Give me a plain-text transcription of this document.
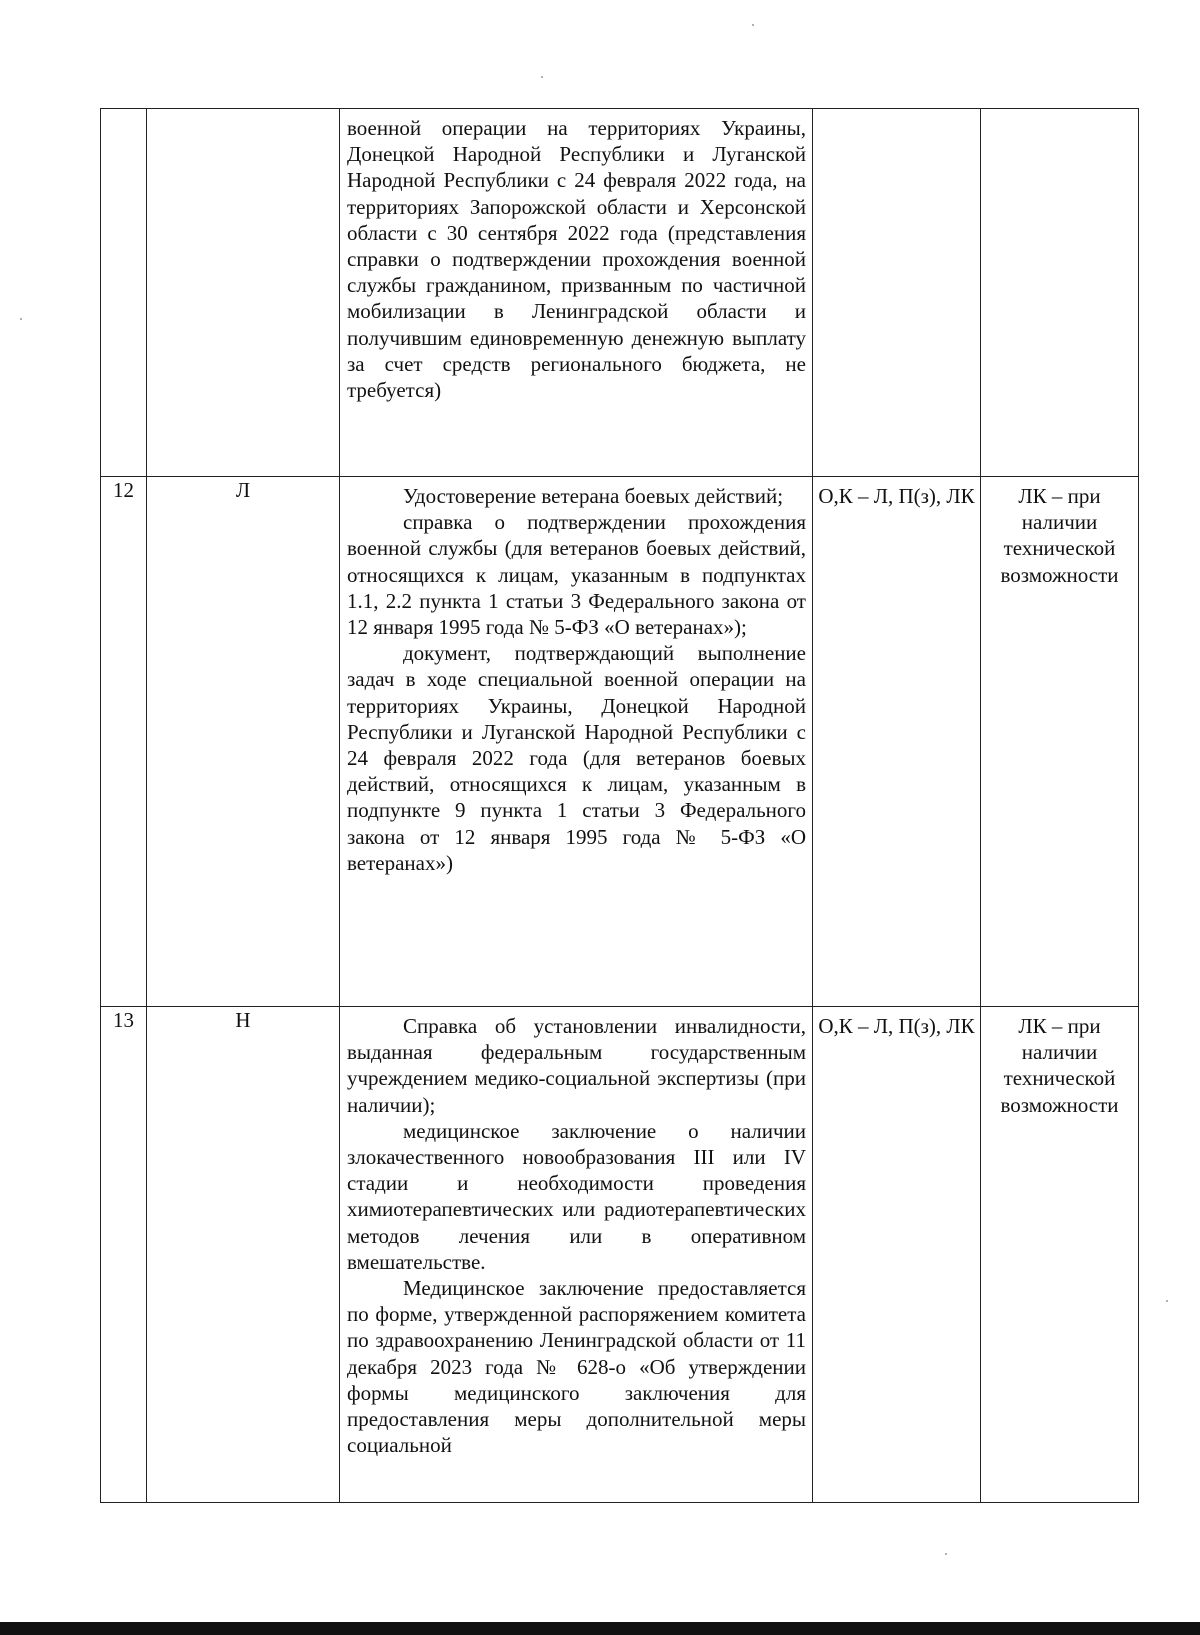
		военной операции на территориях Украины, Донецкой Народной Республики и Луганской Народной Республики с 24 февраля 2022 года, на территориях Запорожской области и Херсонской области с 30 сентября 2022 года (представления справки о подтверждении прохождения военной службы гражданином, призванным по частичной мобилизации в Ленинградской области и получившим единовременную денежную выплату за счет средств регионального бюджета, не требуется)		

12	Л	Удостоверение ветерана боевых действий;

справка о подтверждении прохождения военной службы (для ветеранов боевых действий, относящихся к лицам, указанным в подпунктах 1.1, 2.2 пункта 1 статьи 3 Федерального закона от 12 января 1995 года № 5-ФЗ «О ветеранах»);

документ, подтверждающий выполнение задач в ходе специальной военной операции на территориях Украины, Донецкой Народной Республики и Луганской Народной Республики с 24 февраля 2022 года (для ветеранов боевых действий, относящихся к лицам, указанным в подпункте 9 пункта 1 статьи 3 Федерального закона от 12 января 1995 года № 5-ФЗ «О ветеранах»)	О,К – Л, П(з), ЛК	ЛК – при наличии технической возможности

13	Н	Справка об установлении инвалидности, выданная федеральным государственным учреждением медико-социальной экспертизы (при наличии);

медицинское заключение о наличии злокачественного новообразования III или IV стадии и необходимости проведения химиотерапевтических или радиотерапевтических методов лечения или в оперативном вмешательстве.

Медицинское заключение предоставляется по форме, утвержденной распоряжением комитета по здравоохранению Ленинградской области от 11 декабря 2023 года № 628-о «Об утверждении формы медицинского заключения для предоставления меры дополнительной меры социальной	О,К – Л, П(з), ЛК	ЛК – при наличии технической возможности
